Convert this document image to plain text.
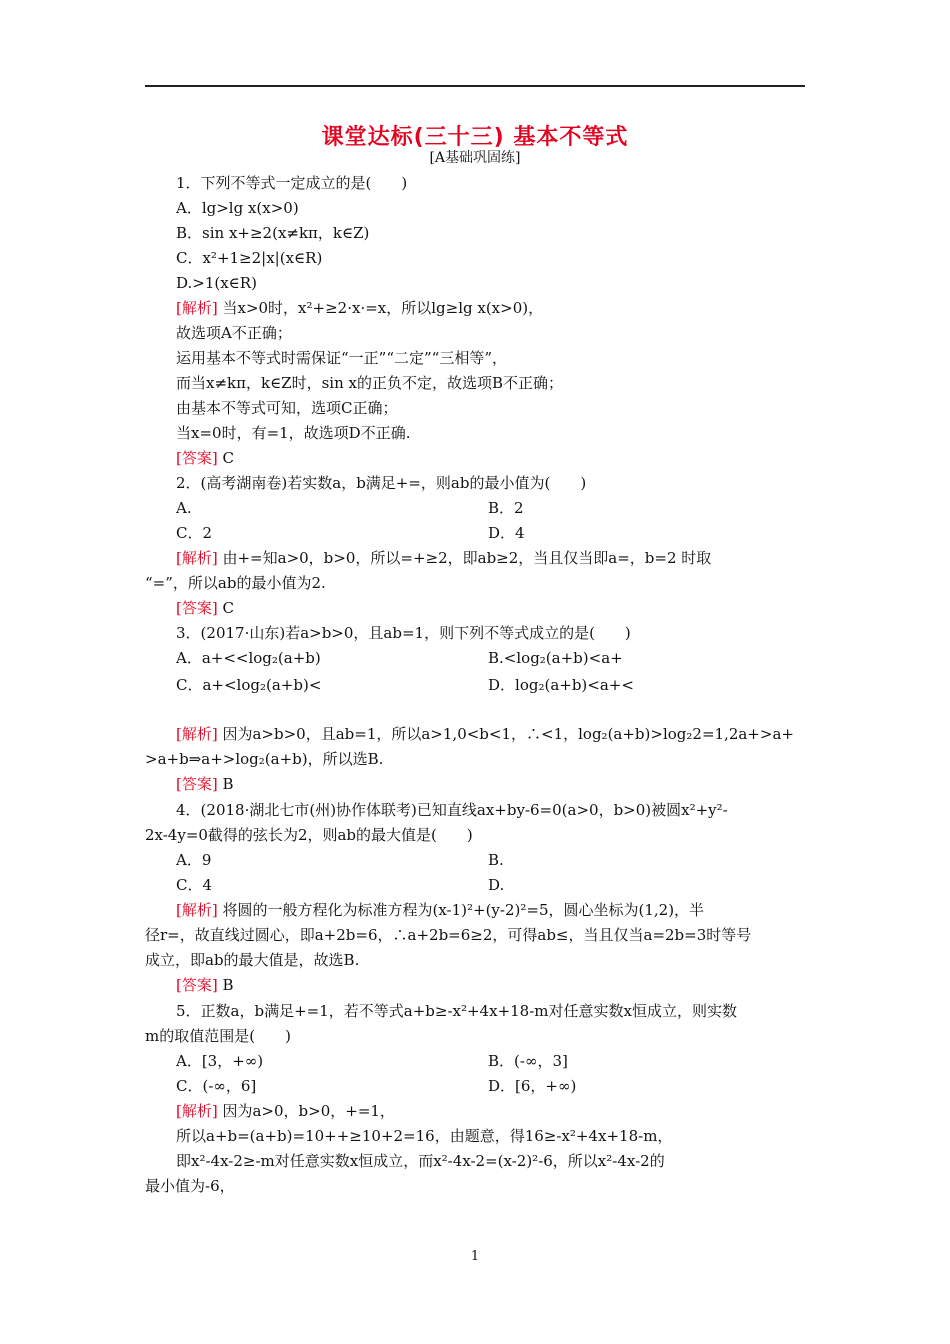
课堂达标(三十三) 基本不等式
[A基础巩固练]
1．下列不等式一定成立的是(　　)
A．lg>lg x(x>0)
B．sin x+≥2(x≠kπ，k∈Z)
C．x²+1≥2|x|(x∈R)
D.>1(x∈R)
[解析] 当x>0时，x²+≥2·x·=x，所以lg≥lg x(x>0)，
故选项A不正确；
运用基本不等式时需保证“一正”“二定”“三相等”，
而当x≠kπ，k∈Z时，sin x的正负不定，故选项B不正确；
由基本不等式可知，选项C正确；
当x=0时，有=1，故选项D不正确.
[答案] C
2．(高考湖南卷)若实数a，b满足+=，则ab的最小值为(　　)
A.	B．2
C．2	D．4
[解析] 由+=知a>0，b>0，所以=+≥2，即ab≥2，当且仅当即a=，b=2 时取
“=”，所以ab的最小值为2.
[答案] C
3．(2017·山东)若a>b>0，且ab=1，则下列不等式成立的是(　　)
A．a+<<log₂(a+b)	B.<log₂(a+b)<a+
C．a+<log₂(a+b)<	D．log₂(a+b)<a+<
[解析] 因为a>b>0，且ab=1，所以a>1,0<b<1，∴<1，log₂(a+b)>log₂2=1,2a+>a+
>a+b⇒a+>log₂(a+b)，所以选B.
[答案] B
4．(2018·湖北七市(州)协作体联考)已知直线ax+by-6=0(a>0，b>0)被圆x²+y²-
2x-4y=0截得的弦长为2，则ab的最大值是(　　)
A．9	B.
C．4	D.
[解析] 将圆的一般方程化为标准方程为(x-1)²+(y-2)²=5，圆心坐标为(1,2)，半
径r=，故直线过圆心，即a+2b=6，∴a+2b=6≥2，可得ab≤，当且仅当a=2b=3时等号
成立，即ab的最大值是，故选B.
[答案] B
5．正数a，b满足+=1，若不等式a+b≥-x²+4x+18-m对任意实数x恒成立，则实数
m的取值范围是(　　)
A．[3，+∞)	B．(-∞，3]
C．(-∞，6]	D．[6，+∞)
[解析] 因为a>0，b>0，+=1，
所以a+b=(a+b)=10++≥10+2=16，由题意，得16≥-x²+4x+18-m，
即x²-4x-2≥-m对任意实数x恒成立，而x²-4x-2=(x-2)²-6，所以x²-4x-2的
最小值为-6，
1
